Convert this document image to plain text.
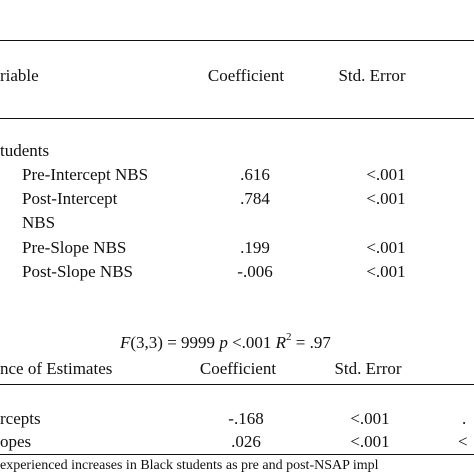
riable	Coefficient	Std. Error
tudents
Pre-Intercept NBS	.616	<.001
Post-Intercept	.784	<.001
NBS
Pre-Slope NBS	.199	<.001
Post-Slope NBS	-.006	<.001
F(3,3) = 9999 p <.001 $R^2 = .97$
nce of Estimates	Coefficient	Std. Error
rcepts	-.168	<.001	.
opes	.026	<.001	<
experienced increases in Black students as pre and post-NSAP impl
